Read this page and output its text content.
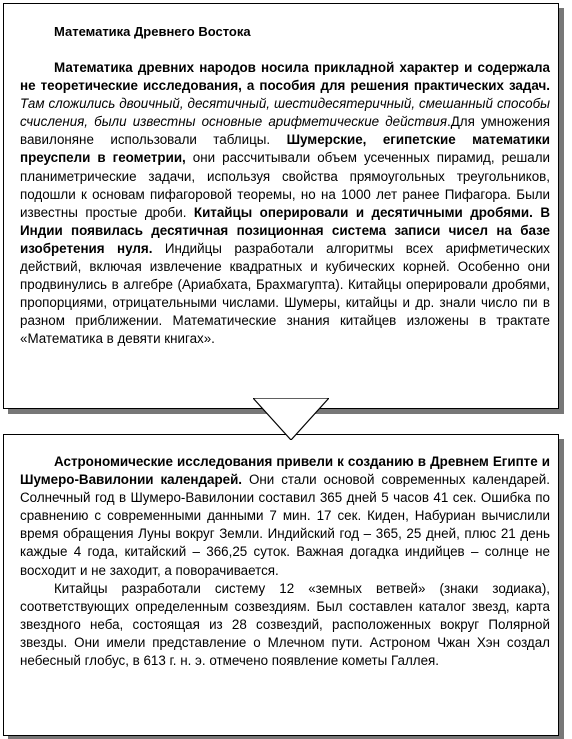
Математика Древнего Востока

Математика древних народов носила прикладной характер и содержала не теоретические исследования, а пособия для решения практических задач. Там сложились двоичный, десятичный, шестидесятеричный, смешанный способы счисления, были известны основные арифметические действия.Для умножения вавилоняне использовали таблицы. Шумерские, египетские математики преуспели в геометрии, они рассчитывали объем усеченных пирамид, решали планиметрические задачи, используя свойства прямоугольных треугольников, подошли к основам пифагоровой теоремы, но на 1000 лет ранее Пифагора. Были известны простые дроби. Китайцы оперировали и десятичными дробями. В Индии появилась десятичная позиционная система записи чисел на базе изобретения нуля. Индийцы разработали алгоритмы всех арифметических действий, включая извлечение квадратных и кубических корней. Особенно они продвинулись в алгебре (Ариабхата, Брахмагупта). Китайцы оперировали дробями, пропорциями, отрицательными числами. Шумеры, китайцы и др. знали число пи в разном приближении. Математические знания китайцев изложены в трактате «Математика в девяти книгах».

Астрономические исследования привели к созданию в Древнем Египте и Шумеро-Вавилонии календарей. Они стали основой современных календарей. Солнечный год в Шумеро-Вавилонии составил 365 дней 5 часов 41 сек. Ошибка по сравнению с современными данными 7 мин. 17 сек. Киден, Набуриан вычислили время обращения Луны вокруг Земли. Индийский год – 365, 25 дней, плюс 21 день каждые 4 года, китайский – 366,25 суток. Важная догадка индийцев – солнце не восходит и не заходит, а поворачивается.

Китайцы разработали систему 12 «земных ветвей» (знаки зодиака), соответствующих определенным созвездиям. Был составлен каталог звезд, карта звездного неба, состоящая из 28 созвездий, расположенных вокруг Полярной звезды. Они имели представление о Млечном пути. Астроном Чжан Хэн создал небесный глобус, в 613 г. н. э. отмечено появление кометы Галлея.
